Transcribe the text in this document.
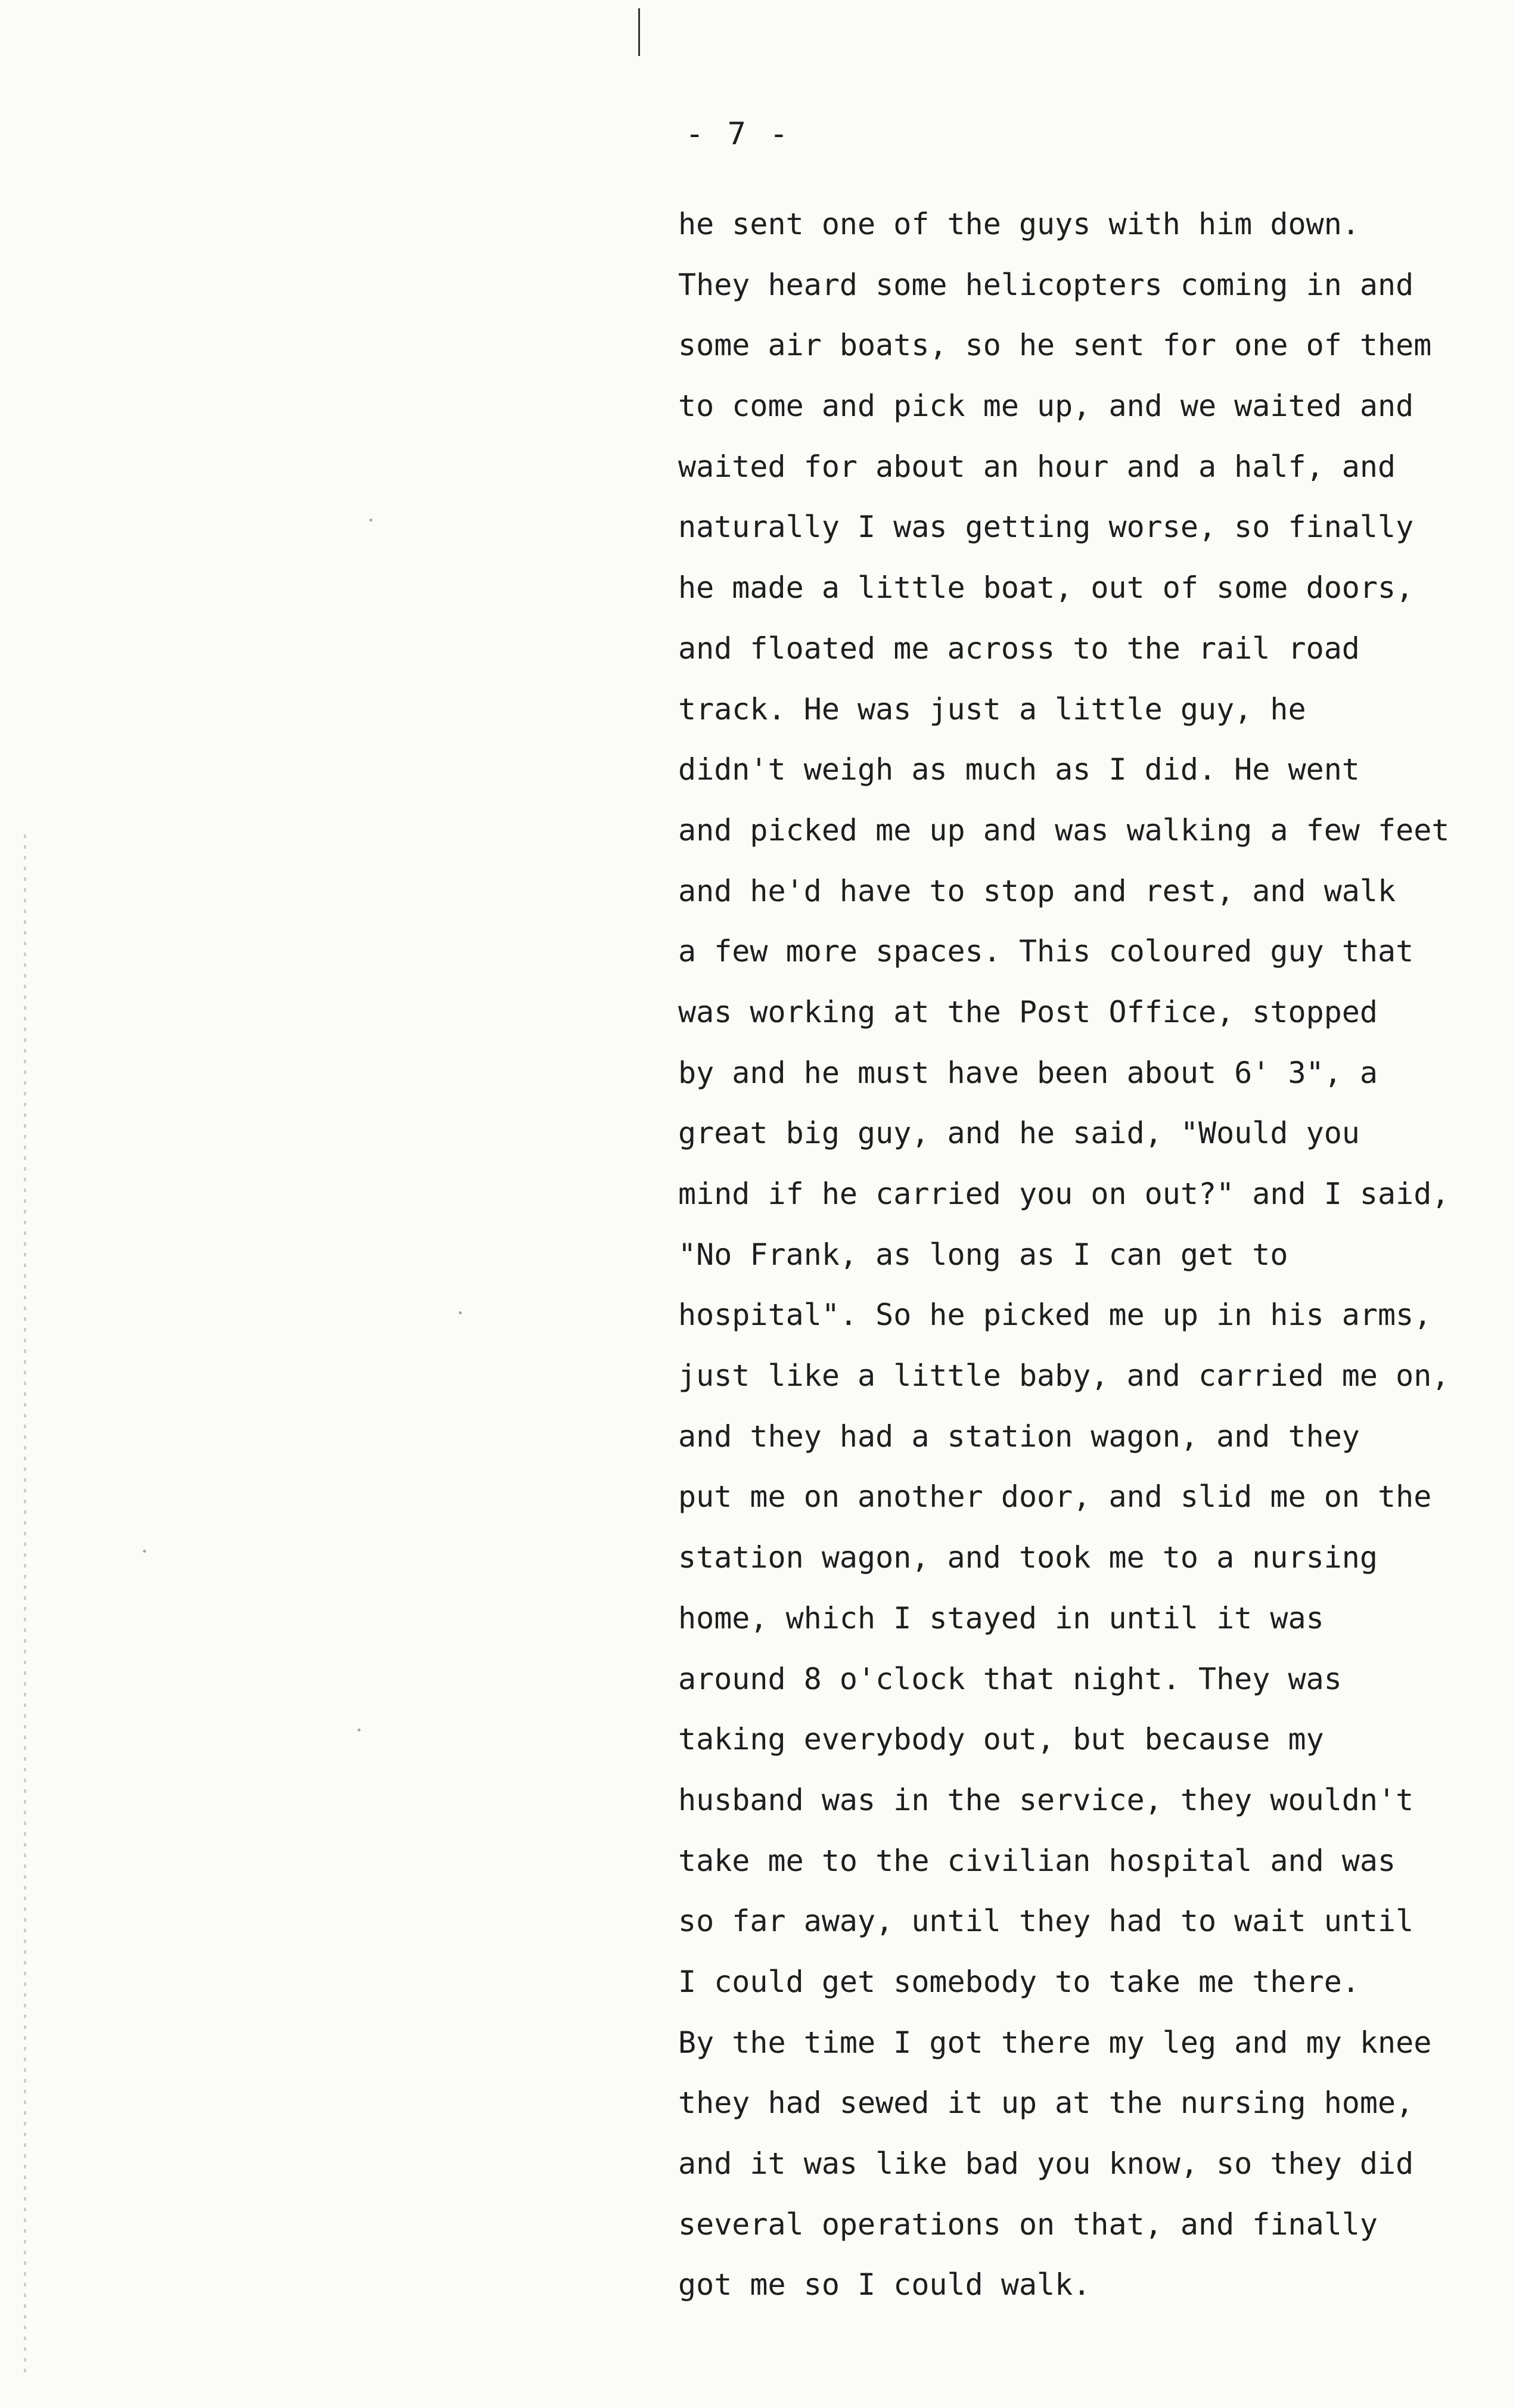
- 7 -
he sent one of the guys with him down.
They heard some helicopters coming in and
some air boats, so he sent for one of them
to come and pick me up, and we waited and
waited for about an hour and a half, and
naturally I was getting worse, so finally
he made a little boat, out of some doors,
and floated me across to the rail road
track. He was just a little guy, he
didn't weigh as much as I did. He went
and picked me up and was walking a few feet
and he'd have to stop and rest, and walk
a few more spaces. This coloured guy that
was working at the Post Office, stopped
by and he must have been about 6' 3", a
great big guy, and he said, "Would you
mind if he carried you on out?" and I said,
"No Frank, as long as I can get to
hospital". So he picked me up in his arms,
just like a little baby, and carried me on,
and they had a station wagon, and they
put me on another door, and slid me on the
station wagon, and took me to a nursing
home, which I stayed in until it was
around 8 o'clock that night. They was
taking everybody out, but because my
husband was in the service, they wouldn't
take me to the civilian hospital and was
so far away, until they had to wait until
I could get somebody to take me there.
By the time I got there my leg and my knee
they had sewed it up at the nursing home,
and it was like bad you know, so they did
several operations on that, and finally
got me so I could walk.
